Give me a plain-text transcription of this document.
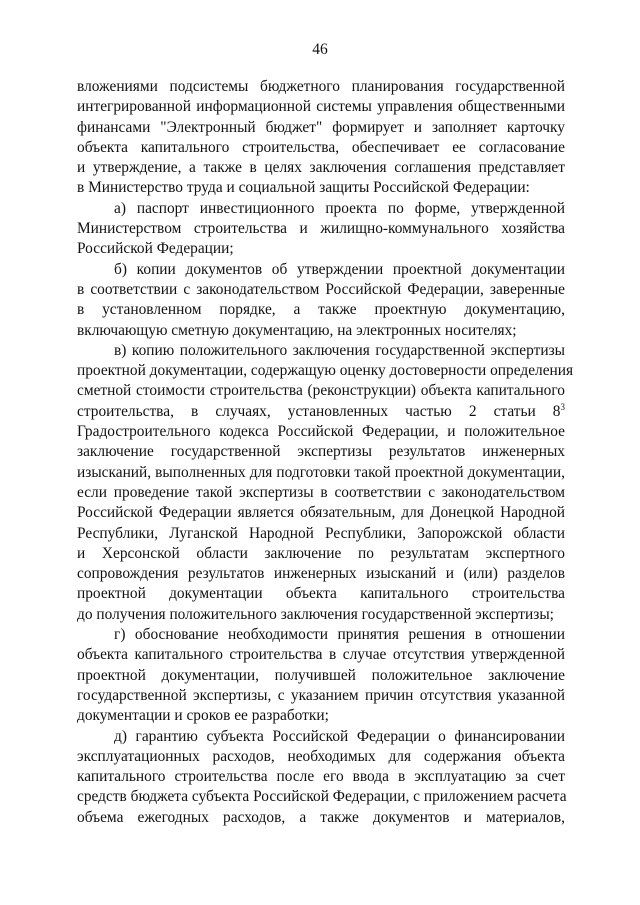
46
вложениями подсистемы бюджетного планирования государственной
интегрированной информационной системы управления общественными
финансами "Электронный бюджет" формирует и заполняет карточку
объекта капитального строительства, обеспечивает ее согласование
и утверждение, а также в целях заключения соглашения представляет
в Министерство труда и социальной защиты Российской Федерации:
а) паспорт инвестиционного проекта по форме, утвержденной
Министерством строительства и жилищно-коммунального хозяйства
Российской Федерации;
б) копии документов об утверждении проектной документации
в соответствии с законодательством Российской Федерации, заверенные
в установленном порядке, а также проектную документацию,
включающую сметную документацию, на электронных носителях;
в) копию положительного заключения государственной экспертизы
проектной документации, содержащую оценку достоверности определения
сметной стоимости строительства (реконструкции) объекта капитального
строительства, в случаях, установленных частью 2 статьи $8^3$
Градостроительного кодекса Российской Федерации, и положительное
заключение государственной экспертизы результатов инженерных
изысканий, выполненных для подготовки такой проектной документации,
если проведение такой экспертизы в соответствии с законодательством
Российской Федерации является обязательным, для Донецкой Народной
Республики, Луганской Народной Республики, Запорожской области
и Херсонской области заключение по результатам экспертного
сопровождения результатов инженерных изысканий и (или) разделов
проектной документации объекта капитального строительства
до получения положительного заключения государственной экспертизы;
г) обоснование необходимости принятия решения в отношении
объекта капитального строительства в случае отсутствия утвержденной
проектной документации, получившей положительное заключение
государственной экспертизы, с указанием причин отсутствия указанной
документации и сроков ее разработки;
д) гарантию субъекта Российской Федерации о финансировании
эксплуатационных расходов, необходимых для содержания объекта
капитального строительства после его ввода в эксплуатацию за счет
средств бюджета субъекта Российской Федерации, с приложением расчета
объема ежегодных расходов, а также документов и материалов,
